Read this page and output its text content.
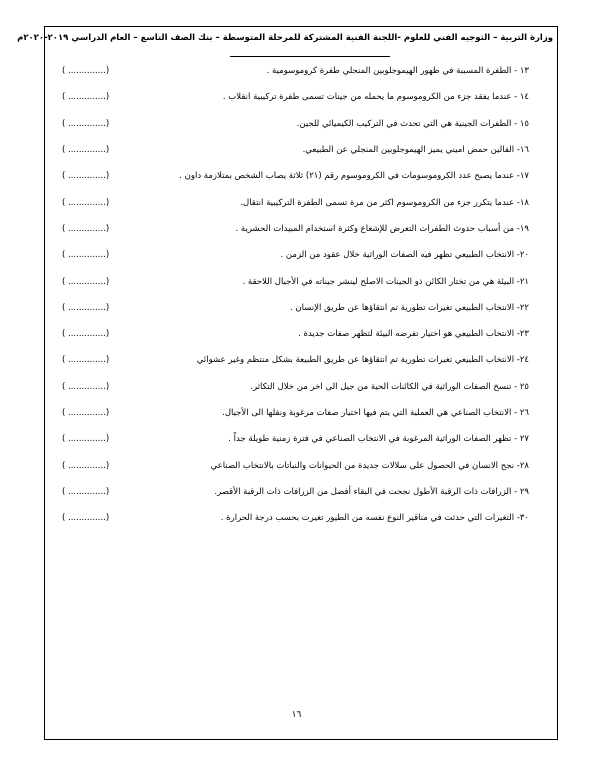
وزارة التربية – التوجيه الفني للعلوم -اللجنة الفنية المشتركة للمرحلة المتوسطة – بنك الصف التاسع – العام الدراسي ٢٠١٩-٢٠٢٠م
( ..............)	١٣ - الطفرة المسببة في ظهور الهيموجلوبين المنجلي طفرة كروموسومية .
( ..............)	١٤ - عندما يفقد جزء من الكروموسوم ما يحمله من جينات تسمى طفرة تركيبية انقلاب .
( ..............)	١٥ - الطفرات الجينية هي التي تحدث في التركيب الكيميائي للجين.
( ..............)	١٦- الفالين حمض اميني يميز الهيموجلوبين المنجلي عن الطبيعي.
( ..............)	١٧- عندما يصبح عدد الكروموسومات في الكروموسوم رقم (٢١) ثلاثة يصاب الشخص بمتلازمة داون .
( ..............)	١٨- عندما يتكرر جزء من الكروموسوم اكثر من مرة تسمى الطفرة التركيبية انتقال.
( ..............)	١٩- من أسباب حدوث الطفرات التعرض للإشعاع وكثرة استخدام المبيدات الحشرية .
( ..............)	٢٠- الانتخاب الطبيعي تظهر فيه الصفات الوراثية خلال عقود من الزمن .
( ..............)	٢١- البيئة هي من تختار الكائن ذو الجينات الاصلح لينشر جيناته في الأجيال اللاحقة .
( ..............)	٢٢- الانتخاب الطبيعي تغيرات تطورية تم انتقاؤها عن طريق الإنسان .
( ..............)	٢٣- الانتخاب الطبيعي هو اختيار تفرضه البيئة لتظهر صفات جديدة .
( ..............)	٢٤- الانتخاب الطبيعي تغيرات تطورية تم انتقاؤها عن طريق الطبيعة بشكل منتظم وغير عشوائي
( ..............)	٢٥ - تنسخ الصفات الوراثية في الكائنات الحية من جيل الى اخر من خلال التكاثر.
( ..............)	٢٦ - الانتخاب الصناعي هي العملية التي يتم فيها اختيار صفات مرغوبة ونقلها الى الأجيال.
( ..............)	٢٧ - تظهر الصفات الوراثية المرغوبة في الانتخاب الصناعي في فترة زمنية طويلة جداً .
( ..............)	٢٨- نجح الانسان في الحصول على سلالات جديدة من الحيوانات والنباتات بالانتخاب الصناعي
( ..............)	٢٩ - الزرافات ذات الرقبة الأطول نجحت في البقاء أفضل من الزرافات ذات الرقبة الأقصر.
( ..............)	٣٠- التغيرات التي حدثت في مناقير النوع نفسه من الطيور تغيرت بحسب درجة الحرارة .
١٦
